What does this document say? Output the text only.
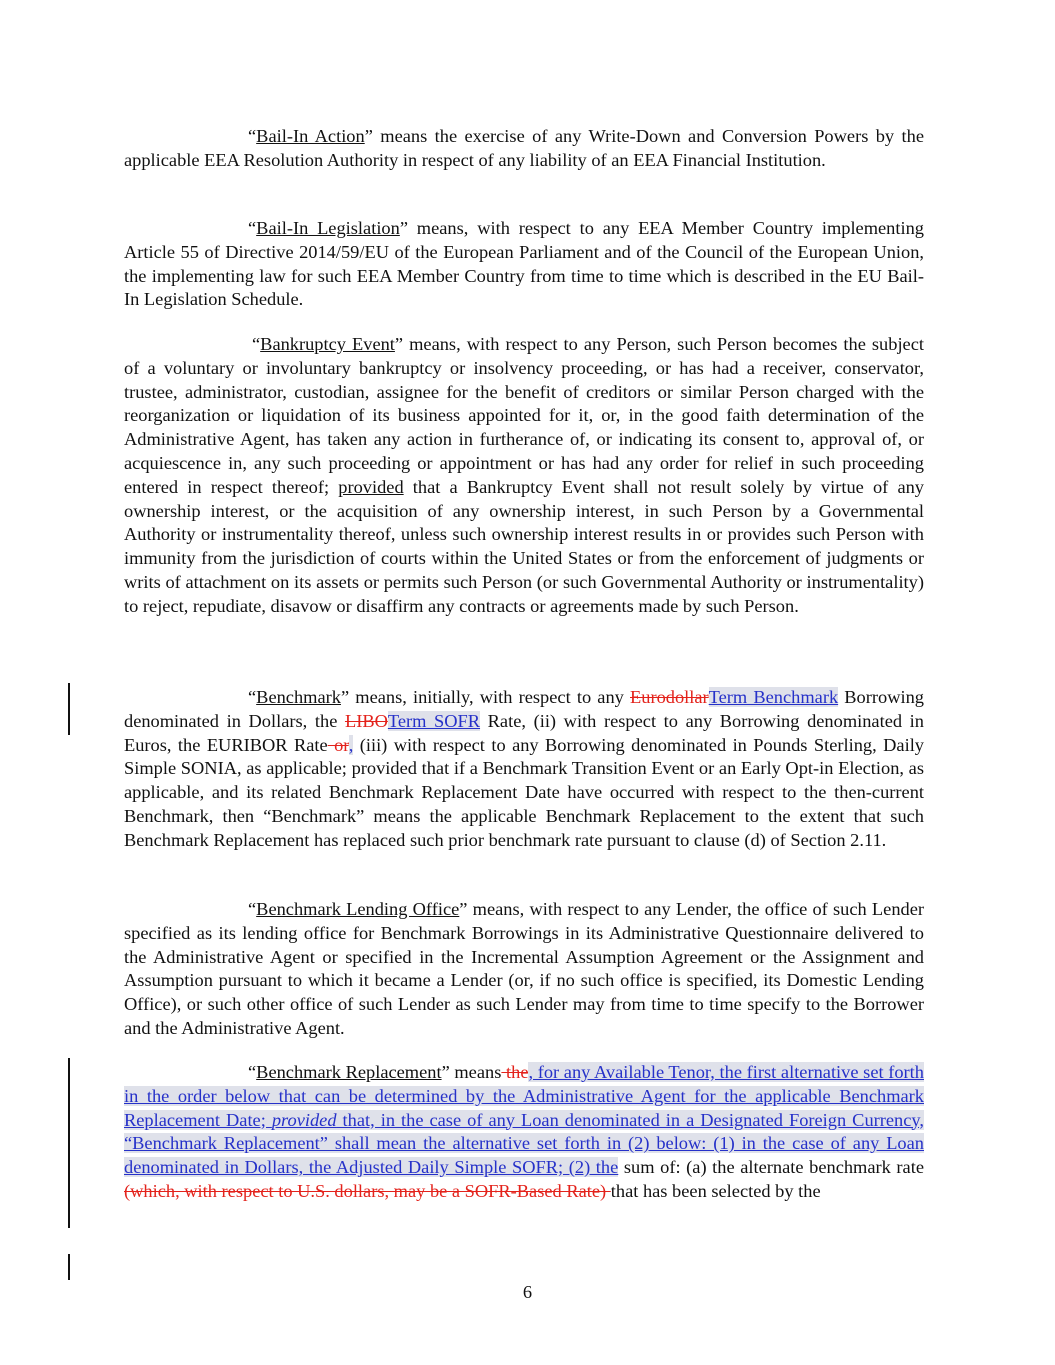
“Bail-In Action” means the exercise of any Write-Down and Conversion Powers by the applicable EEA Resolution Authority in respect of any liability of an EEA Financial Institution.

“Bail-In Legislation” means, with respect to any EEA Member Country implementing Article 55 of Directive 2014/59/EU of the European Parliament and of the Council of the European Union, the implementing law for such EEA Member Country from time to time which is described in the EU Bail-In Legislation Schedule.

“Bankruptcy Event” means, with respect to any Person, such Person becomes the subject of a voluntary or involuntary bankruptcy or insolvency proceeding, or has had a receiver, conservator, trustee, administrator, custodian, assignee for the benefit of creditors or similar Person charged with the reorganization or liquidation of its business appointed for it, or, in the good faith determination of the Administrative Agent, has taken any action in furtherance of, or indicating its consent to, approval of, or acquiescence in, any such proceeding or appointment or has had any order for relief in such proceeding entered in respect thereof; provided that a Bankruptcy Event shall not result solely by virtue of any ownership interest, or the acquisition of any ownership interest, in such Person by a Governmental Authority or instrumentality thereof, unless such ownership interest results in or provides such Person with immunity from the jurisdiction of courts within the United States or from the enforcement of judgments or writs of attachment on its assets or permits such Person (or such Governmental Authority or instrumentality) to reject, repudiate, disavow or disaffirm any contracts or agreements made by such Person.

“Benchmark” means, initially, with respect to any EurodollarTerm Benchmark Borrowing denominated in Dollars, the LIBOTerm SOFR Rate, (ii) with respect to any Borrowing denominated in Euros, the EURIBOR Rate or, (iii) with respect to any Borrowing denominated in Pounds Sterling, Daily Simple SONIA, as applicable; provided that if a Benchmark Transition Event or an Early Opt-in Election, as applicable, and its related Benchmark Replacement Date have occurred with respect to the then-current Benchmark, then “Benchmark” means the applicable Benchmark Replacement to the extent that such Benchmark Replacement has replaced such prior benchmark rate pursuant to clause (d) of Section 2.11.

“Benchmark Lending Office” means, with respect to any Lender, the office of such Lender specified as its lending office for Benchmark Borrowings in its Administrative Questionnaire delivered to the Administrative Agent or specified in the Incremental Assumption Agreement or the Assignment and Assumption pursuant to which it became a Lender (or, if no such office is specified, its Domestic Lending Office), or such other office of such Lender as such Lender may from time to time specify to the Borrower and the Administrative Agent.

“Benchmark Replacement” means the, for any Available Tenor, the first alternative set forth in the order below that can be determined by the Administrative Agent for the applicable Benchmark Replacement Date; provided that, in the case of any Loan denominated in a Designated Foreign Currency, “Benchmark Replacement” shall mean the alternative set forth in (2) below: (1) in the case of any Loan denominated in Dollars, the Adjusted Daily Simple SOFR; (2) the sum of: (a) the alternate benchmark rate (which, with respect to U.S. dollars, may be a SOFR-Based Rate) that has been selected by the

6
